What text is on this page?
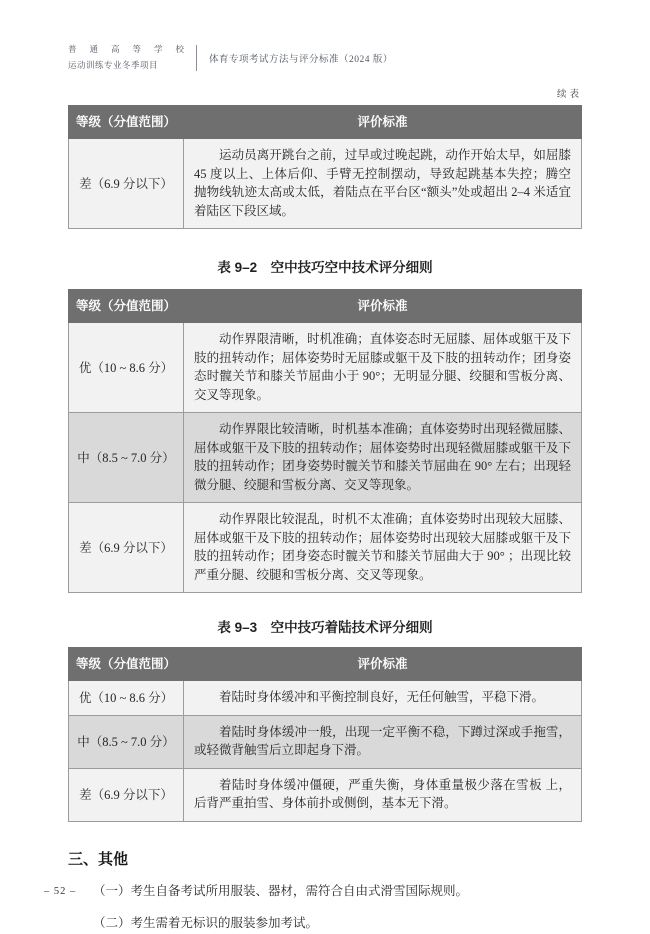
普通高等学校
运动训练专业冬季项目	体育专项考试方法与评分标准（2024 版）
续表
等级（分值范围）	评价标准
差（6.9 分以下）	运动员离开跳台之前，过早或过晚起跳，动作开始太早，如屈膝 45 度以上、上体后仰、手臂无控制摆动，导致起跳基本失控；腾空抛物线轨迹太高或太低，着陆点在平台区“额头”处或超出 2–4 米适宜着陆区下段区域。
表 9–2　空中技巧空中技术评分细则
等级（分值范围）	评价标准
优（10 ~ 8.6 分）	动作界限清晰，时机准确；直体姿态时无屈膝、屈体或躯干及下肢的扭转动作；屈体姿势时无屈膝或躯干及下肢的扭转动作；团身姿态时髋关节和膝关节屈曲小于 90°；无明显分腿、绞腿和雪板分离、交叉等现象。

中（8.5 ~ 7.0 分）	动作界限比较清晰，时机基本准确；直体姿势时出现轻微屈膝、屈体或躯干及下肢的扭转动作；屈体姿势时出现轻微屈膝或躯干及下肢的扭转动作；团身姿势时髋关节和膝关节屈曲在 90° 左右；出现轻微分腿、绞腿和雪板分离、交叉等现象。

差（6.9 分以下）	动作界限比较混乱，时机不太准确；直体姿势时出现较大屈膝、屈体或躯干及下肢的扭转动作；屈体姿势时出现较大屈膝或躯干及下肢的扭转动作；团身姿态时髋关节和膝关节屈曲大于 90° ；出现比较严重分腿、绞腿和雪板分离、交叉等现象。
表 9–3　空中技巧着陆技术评分细则
等级（分值范围）	评价标准
优（10 ~ 8.6 分）	着陆时身体缓冲和平衡控制良好，无任何触雪，平稳下滑。

中（8.5 ~ 7.0 分）	着陆时身体缓冲一般，出现一定平衡不稳，下蹲过深或手拖雪，或轻微背触雪后立即起身下滑。

差（6.9 分以下）	着陆时身体缓冲僵硬，严重失衡，身体重量极少落在雪板 上，后背严重拍雪、身体前扑或侧倒，基本无下滑。
三、其他

（一）考生自备考试所用服装、器材，需符合自由式滑雪国际规则。

（二）考生需着无标识的服装参加考试。

– 52 –
